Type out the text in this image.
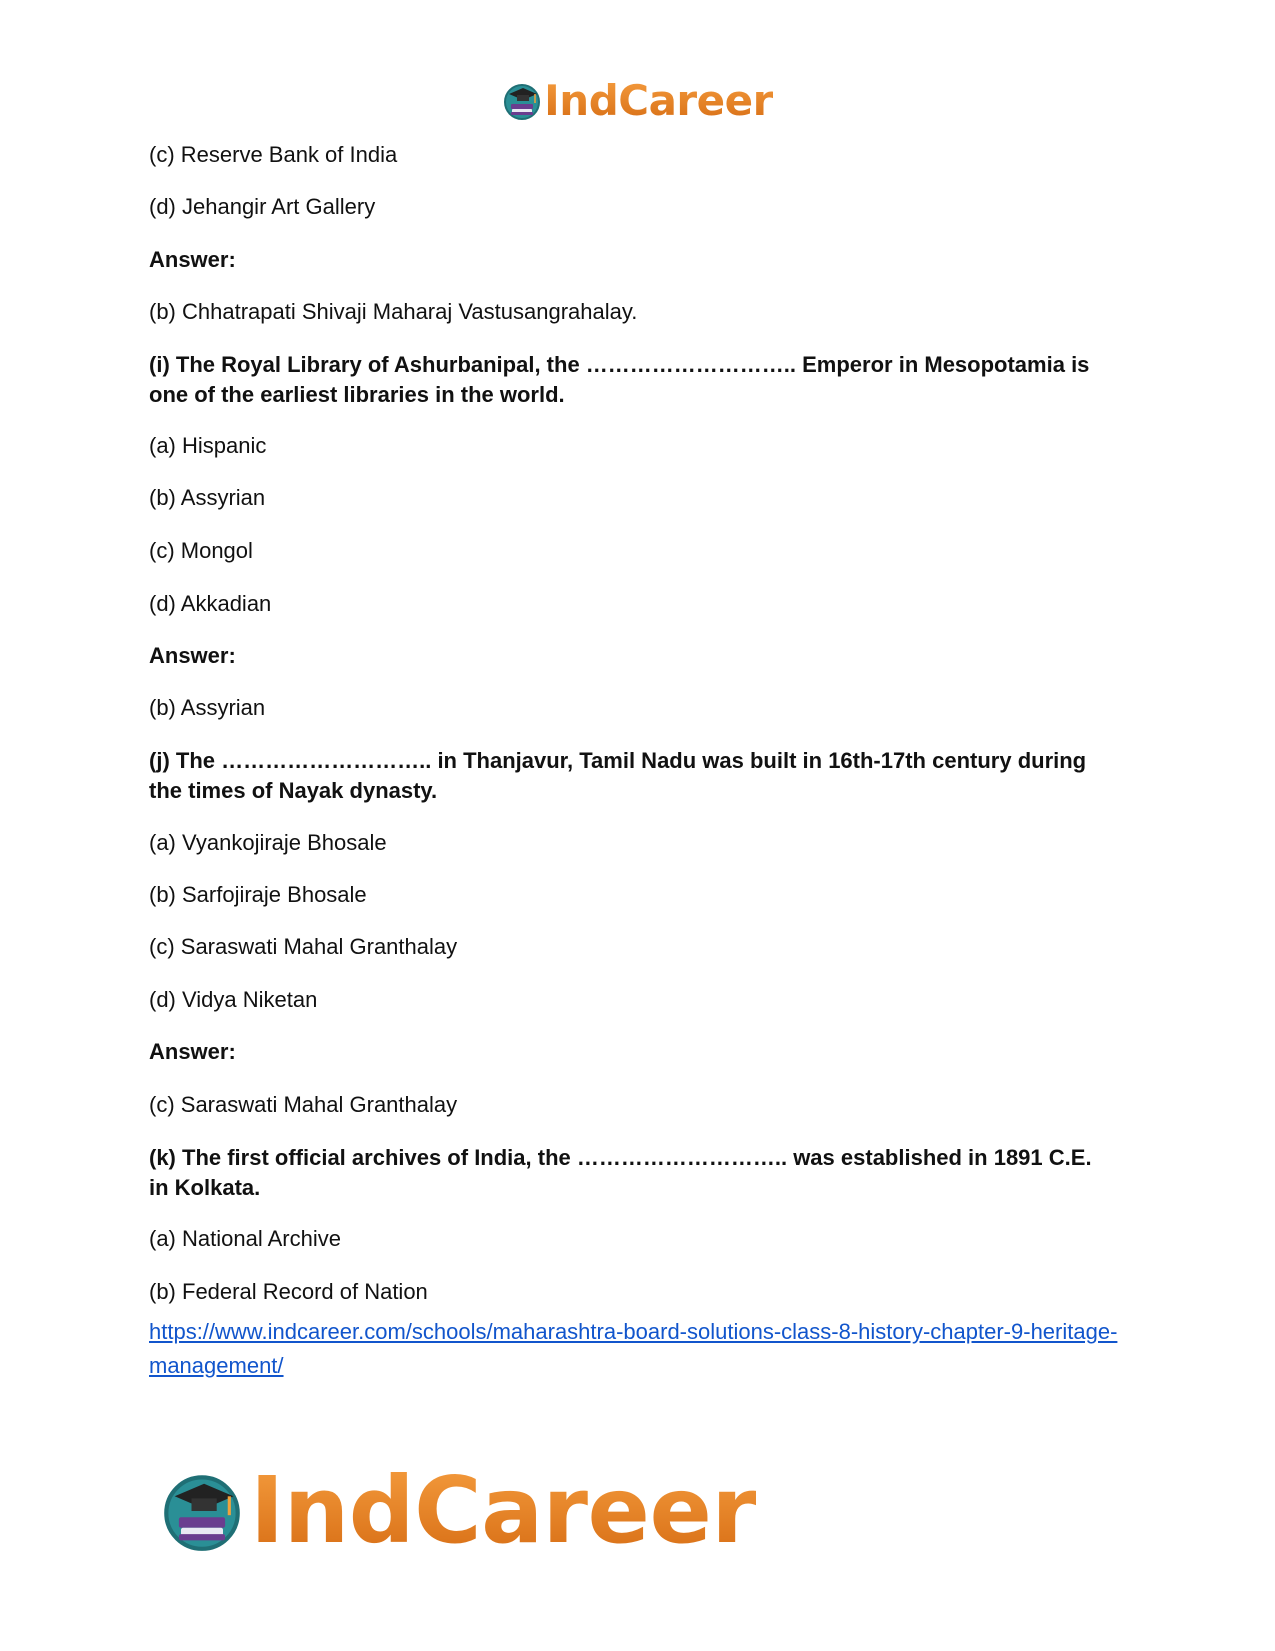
IndCareer
(c) Reserve Bank of India
(d) Jehangir Art Gallery
Answer:
(b) Chhatrapati Shivaji Maharaj Vastusangrahalay.
(i) The Royal Library of Ashurbanipal, the ……………………….. Emperor in Mesopotamia is one of the earliest libraries in the world.
(a) Hispanic
(b) Assyrian
(c) Mongol
(d) Akkadian
Answer:
(b) Assyrian
(j) The ……………………….. in Thanjavur, Tamil Nadu was built in 16th-17th century during the times of Nayak dynasty.
(a) Vyankojiraje Bhosale
(b) Sarfojiraje Bhosale
(c) Saraswati Mahal Granthalay
(d) Vidya Niketan
Answer:
(c) Saraswati Mahal Granthalay
(k) The first official archives of India, the ……………………….. was established in 1891 C.E. in Kolkata.
(a) National Archive
(b) Federal Record of Nation
https://www.indcareer.com/schools/maharashtra-board-solutions-class-8-history-chapter-9-heritage-management/
IndCareer
